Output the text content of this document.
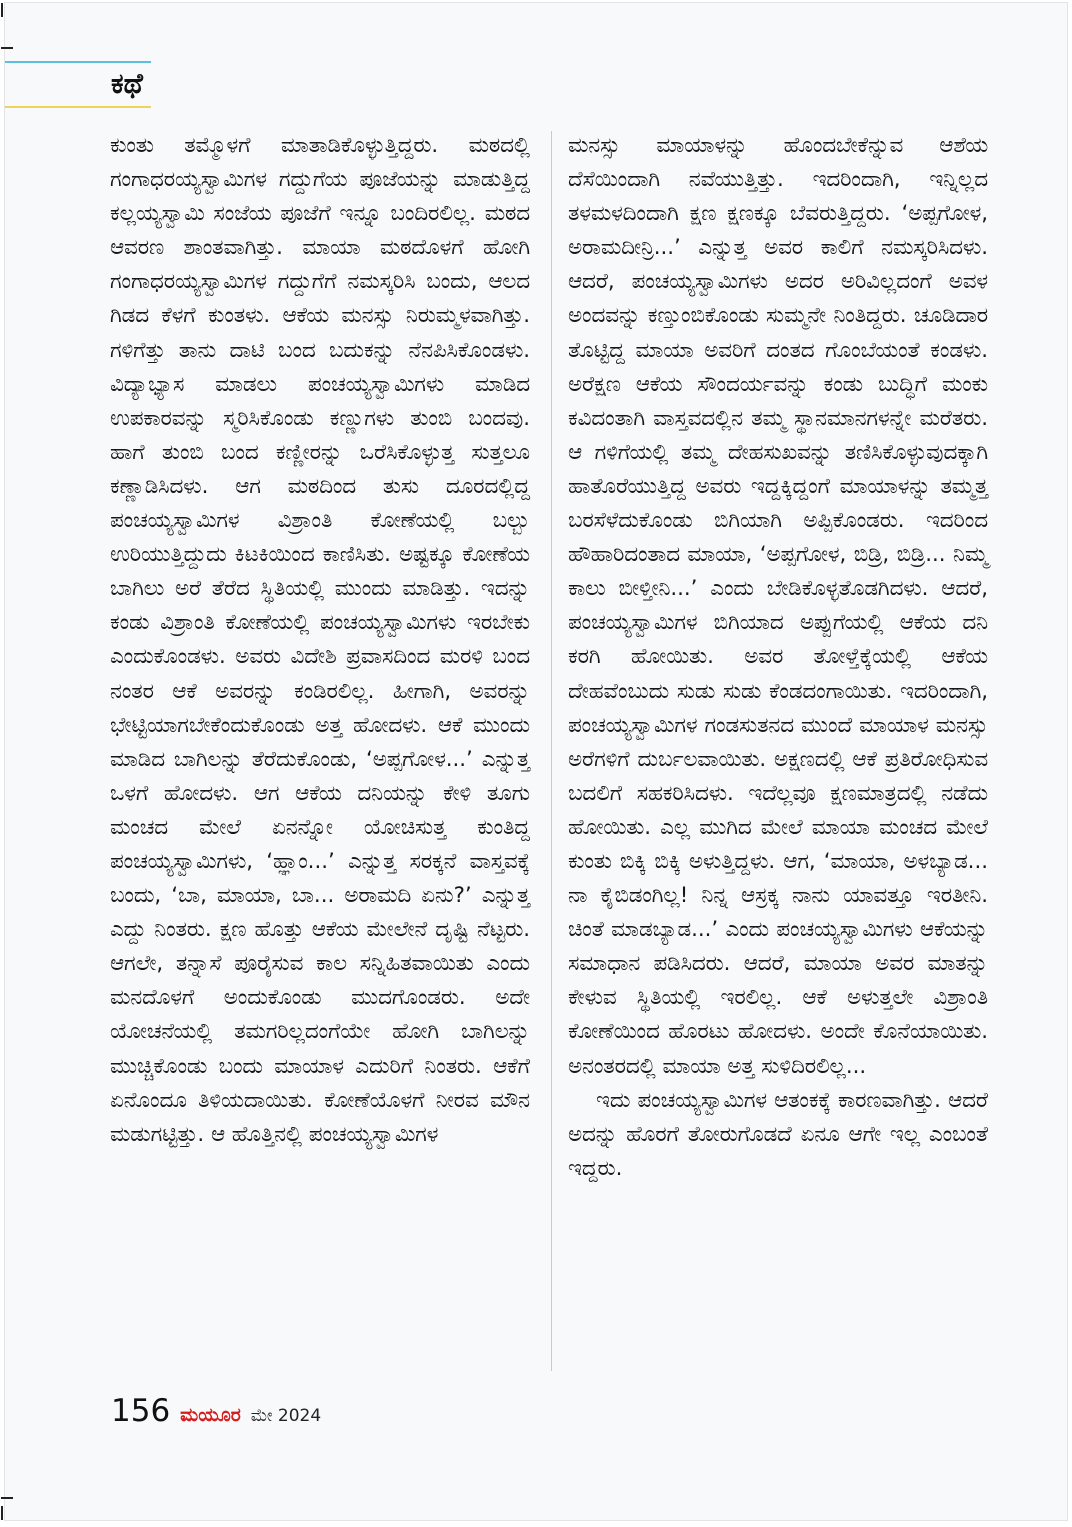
ಕಥೆ

ಕುಂತು ತಮ್ಮೊಳಗೆ ಮಾತಾಡಿಕೊಳ್ಳುತ್ತಿದ್ದರು. ಮಠದಲ್ಲಿ ಗಂಗಾಧರಯ್ಯಸ್ವಾಮಿಗಳ ಗದ್ದುಗೆಯ ಪೂಜೆಯನ್ನು ಮಾಡುತ್ತಿದ್ದ ಕಲ್ಲಯ್ಯಸ್ವಾಮಿ ಸಂಜೆಯ ಪೂಜೆಗೆ ಇನ್ನೂ ಬಂದಿರಲಿಲ್ಲ. ಮಠದ ಆವರಣ ಶಾಂತವಾಗಿತ್ತು. ಮಾಯಾ ಮಠದೊಳಗೆ ಹೋಗಿ ಗಂಗಾಧರಯ್ಯಸ್ವಾಮಿಗಳ ಗದ್ದುಗೆಗೆ ನಮಸ್ಕರಿಸಿ ಬಂದು, ಆಲದ ಗಿಡದ ಕೆಳಗೆ ಕುಂತಳು. ಆಕೆಯ ಮನಸ್ಸು ನಿರುಮ್ಮಳವಾಗಿತ್ತು. ಗಳಿಗೆತ್ತು ತಾನು ದಾಟಿ ಬಂದ ಬದುಕನ್ನು ನೆನಪಿಸಿಕೊಂಡಳು. ವಿದ್ಯಾಭ್ಯಾಸ ಮಾಡಲು ಪಂಚಯ್ಯಸ್ವಾಮಿಗಳು ಮಾಡಿದ ಉಪಕಾರವನ್ನು ಸ್ಮರಿಸಿಕೊಂಡು ಕಣ್ಣುಗಳು ತುಂಬಿ ಬಂದವು. ಹಾಗೆ ತುಂಬಿ ಬಂದ ಕಣ್ಣೀರನ್ನು ಒರೆಸಿಕೊಳ್ಳುತ್ತ ಸುತ್ತಲೂ ಕಣ್ಣಾಡಿಸಿದಳು. ಆಗ ಮಠದಿಂದ ತುಸು ದೂರದಲ್ಲಿದ್ದ ಪಂಚಯ್ಯಸ್ವಾಮಿಗಳ ವಿಶ್ರಾಂತಿ ಕೋಣೆಯಲ್ಲಿ ಬಲ್ಬು ಉರಿಯುತ್ತಿದ್ದುದು ಕಿಟಕಿಯಿಂದ ಕಾಣಿಸಿತು. ಅಷ್ಟಕ್ಕೂ ಕೋಣೆಯ ಬಾಗಿಲು ಅರೆ ತೆರೆದ ಸ್ಥಿತಿಯಲ್ಲಿ ಮುಂದು ಮಾಡಿತ್ತು. ಇದನ್ನು ಕಂಡು ವಿಶ್ರಾಂತಿ ಕೋಣೆಯಲ್ಲಿ ಪಂಚಯ್ಯಸ್ವಾಮಿಗಳು ಇರಬೇಕು ಎಂದುಕೊಂಡಳು. ಅವರು ವಿದೇಶಿ ಪ್ರವಾಸದಿಂದ ಮರಳಿ ಬಂದ ನಂತರ ಆಕೆ ಅವರನ್ನು ಕಂಡಿರಲಿಲ್ಲ. ಹೀಗಾಗಿ, ಅವರನ್ನು ಭೇಟ್ಟಿಯಾಗಬೇಕೆಂದುಕೊಂಡು ಅತ್ತ ಹೋದಳು. ಆಕೆ ಮುಂದು ಮಾಡಿದ ಬಾಗಿಲನ್ನು ತೆರೆದುಕೊಂಡು, ‘ಅಪ್ಪಗೋಳ...’ ಎನ್ನುತ್ತ ಒಳಗೆ ಹೋದಳು. ಆಗ ಆಕೆಯ ದನಿಯನ್ನು ಕೇಳಿ ತೂಗು ಮಂಚದ ಮೇಲೆ ಏನನ್ನೋ ಯೋಚಿಸುತ್ತ ಕುಂತಿದ್ದ ಪಂಚಯ್ಯಸ್ವಾಮಿಗಳು, ‘ಹ್ಞಾಂ...’ ಎನ್ನುತ್ತ ಸರಕ್ಕನೆ ವಾಸ್ತವಕ್ಕೆ ಬಂದು, ‘ಬಾ, ಮಾಯಾ, ಬಾ... ಅರಾಮದಿ ಏನು?’ ಎನ್ನುತ್ತ ಎದ್ದು ನಿಂತರು. ಕ್ಷಣ ಹೊತ್ತು ಆಕೆಯ ಮೇಲೇನೆ ದೃಷ್ಟಿ ನೆಟ್ಟರು. ಆಗಲೇ, ತನ್ನಾಸೆ ಪೂರೈಸುವ ಕಾಲ ಸನ್ನಿಹಿತವಾಯಿತು ಎಂದು ಮನದೊಳಗೆ ಅಂದುಕೊಂಡು ಮುದಗೊಂಡರು. ಅದೇ ಯೋಚನೆಯಲ್ಲಿ ತಮಗರಿಲ್ಲದಂಗೆಯೇ ಹೋಗಿ ಬಾಗಿಲನ್ನು ಮುಚ್ಚಿಕೊಂಡು ಬಂದು ಮಾಯಾಳ ಎದುರಿಗೆ ನಿಂತರು. ಆಕೆಗೆ ಏನೊಂದೂ ತಿಳಿಯದಾಯಿತು. ಕೋಣೆಯೊಳಗೆ ನೀರವ ಮೌನ ಮಡುಗಟ್ಟಿತ್ತು. ಆ ಹೊತ್ತಿನಲ್ಲಿ ಪಂಚಯ್ಯಸ್ವಾಮಿಗಳ

ಮನಸ್ಸು ಮಾಯಾಳನ್ನು ಹೊಂದಬೇಕೆನ್ನುವ ಆಶೆಯ ದೆಸೆಯಿಂದಾಗಿ ನವೆಯುತ್ತಿತ್ತು. ಇದರಿಂದಾಗಿ, ಇನ್ನಿಲ್ಲದ ತಳಮಳದಿಂದಾಗಿ ಕ್ಷಣ ಕ್ಷಣಕ್ಕೂ ಬೆವರುತ್ತಿದ್ದರು. ‘ಅಪ್ಪಗೋಳ, ಅರಾಮದೀನ್ರಿ...’ ಎನ್ನುತ್ತ ಅವರ ಕಾಲಿಗೆ ನಮಸ್ಕರಿಸಿದಳು. ಆದರೆ, ಪಂಚಯ್ಯಸ್ವಾಮಿಗಳು ಅದರ ಅರಿವಿಲ್ಲದಂಗೆ ಅವಳ ಅಂದವನ್ನು ಕಣ್ತುಂಬಿಕೊಂಡು ಸುಮ್ಮನೇ ನಿಂತಿದ್ದರು. ಚೂಡಿದಾರ ತೊಟ್ಟಿದ್ದ ಮಾಯಾ ಅವರಿಗೆ ದಂತದ ಗೊಂಬೆಯಂತೆ ಕಂಡಳು. ಅರೆಕ್ಷಣ ಆಕೆಯ ಸೌಂದರ್ಯವನ್ನು ಕಂಡು ಬುದ್ಧಿಗೆ ಮಂಕು ಕವಿದಂತಾಗಿ ವಾಸ್ತವದಲ್ಲಿನ ತಮ್ಮ ಸ್ಥಾನಮಾನಗಳನ್ನೇ ಮರೆತರು. ಆ ಗಳಿಗೆಯಲ್ಲಿ ತಮ್ಮ ದೇಹಸುಖವನ್ನು ತಣಿಸಿಕೊಳ್ಳುವುದಕ್ಕಾಗಿ ಹಾತೊರೆಯುತ್ತಿದ್ದ ಅವರು ಇದ್ದಕ್ಕಿದ್ದಂಗೆ ಮಾಯಾಳನ್ನು ತಮ್ಮತ್ತ ಬರಸೆಳೆದುಕೊಂಡು ಬಿಗಿಯಾಗಿ ಅಪ್ಪಿಕೊಂಡರು. ಇದರಿಂದ ಹೌಹಾರಿದಂತಾದ ಮಾಯಾ, ‘ಅಪ್ಪಗೋಳ, ಬಿಡ್ರಿ, ಬಿಡ್ರಿ... ನಿಮ್ಮ ಕಾಲು ಬೀಳ್ತೀನಿ...’ ಎಂದು ಬೇಡಿಕೊಳ್ಳತೊಡಗಿದಳು. ಆದರೆ, ಪಂಚಯ್ಯಸ್ವಾಮಿಗಳ ಬಿಗಿಯಾದ ಅಪ್ಪುಗೆಯಲ್ಲಿ ಆಕೆಯ ದನಿ ಕರಗಿ ಹೋಯಿತು. ಅವರ ತೋಳ್ತೆಕ್ಕೆಯಲ್ಲಿ ಆಕೆಯ ದೇಹವೆಂಬುದು ಸುಡು ಸುಡು ಕೆಂಡದಂಗಾಯಿತು. ಇದರಿಂದಾಗಿ, ಪಂಚಯ್ಯಸ್ವಾಮಿಗಳ ಗಂಡಸುತನದ ಮುಂದೆ ಮಾಯಾಳ ಮನಸ್ಸು ಅರೆಗಳಿಗೆ ದುರ್ಬಲವಾಯಿತು. ಅಕ್ಷಣದಲ್ಲಿ ಆಕೆ ಪ್ರತಿರೋಧಿಸುವ ಬದಲಿಗೆ ಸಹಕರಿಸಿದಳು. ಇದೆಲ್ಲವೂ ಕ್ಷಣಮಾತ್ರದಲ್ಲಿ ನಡೆದು ಹೋಯಿತು. ಎಲ್ಲ ಮುಗಿದ ಮೇಲೆ ಮಾಯಾ ಮಂಚದ ಮೇಲೆ ಕುಂತು ಬಿಕ್ಕಿ ಬಿಕ್ಕಿ ಅಳುತ್ತಿದ್ದಳು. ಆಗ, ‘ಮಾಯಾ, ಅಳಬ್ಯಾಡ... ನಾ ಕೈಬಿಡಂಗಿಲ್ಲ! ನಿನ್ನ ಆಸ್ರಕ್ಕ ನಾನು ಯಾವತ್ತೂ ಇರತೀನಿ. ಚಿಂತೆ ಮಾಡಬ್ಯಾಡ...’ ಎಂದು ಪಂಚಯ್ಯಸ್ವಾಮಿಗಳು ಆಕೆಯನ್ನು ಸಮಾಧಾನ ಪಡಿಸಿದರು. ಆದರೆ, ಮಾಯಾ ಅವರ ಮಾತನ್ನು ಕೇಳುವ ಸ್ಥಿತಿಯಲ್ಲಿ ಇರಲಿಲ್ಲ. ಆಕೆ ಅಳುತ್ತಲೇ ವಿಶ್ರಾಂತಿ ಕೋಣೆಯಿಂದ ಹೊರಟು ಹೋದಳು. ಅಂದೇ ಕೊನೆಯಾಯಿತು. ಅನಂತರದಲ್ಲಿ ಮಾಯಾ ಅತ್ತ ಸುಳಿದಿರಲಿಲ್ಲ...

ಇದು ಪಂಚಯ್ಯಸ್ವಾಮಿಗಳ ಆತಂಕಕ್ಕೆ ಕಾರಣವಾಗಿತ್ತು. ಆದರೆ ಅದನ್ನು ಹೊರಗೆ ತೋರುಗೊಡದೆ ಏನೂ ಆಗೇ ಇಲ್ಲ ಎಂಬಂತೆ ಇದ್ದರು.

156 ಮಯೂರ ಮೇ 2024
